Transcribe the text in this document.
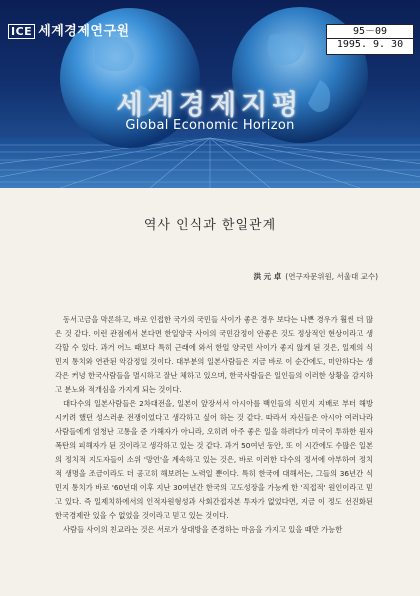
ICE 세계경제연구원	95－09
1995. 9. 30
세계경제지평
Global Economic Horizon
역사 인식과 한일관계
洪 元 卓 (연구자문위원, 서울대 교수)

동서고금을 막론하고, 바로 인접한 국가의 국민들 사이가 좋은 경우 보다는 나쁜 경우가 훨씬 더 많은 것 같다. 이런 관점에서 본다면 한일양국 사이의 국민감정이 안좋은 것도 정상적인 현상이라고 생각할 수 있다. 과거 어느 때보다 특히 근래에 와서 한일 양국민 사이가 좋지 않게 된 것은, 일제의 식민지 통치와 연관된 악감정일 것이다. 대부분의 일본사람들은 지금 바로 이 순간에도, 미안하다는 생각은 커녕 한국사람들을 멸시하고 잘난 체하고 있으며, 한국사람들은 일인들의 이러한 상황을 감지하고 분노와 적개심을 가지게 되는 것이다.

대다수의 일본사람들은 2차대전을, 일본이 앞장서서 아시아를 백인들의 식민지 지배로 부터 해방시키려 했던 성스러운 전쟁이었다고 생각하고 싶어 하는 것 같다. 따라서 자신들은 아시아 여러나라 사람들에게 엄청난 고통을 준 가해자가 아니라, 오히려 아주 좋은 일을 하려다가 미국이 투하한 원자폭탄의 피해자가 된 것이라고 생각하고 있는 것 같다. 과거 50여년 동안, 또 이 시간에도 수많은 일본의 정치적 지도자들이 소위 '망언'을 계속하고 있는 것은, 바로 이러한 다수의 정서에 아부하여 정치적 생명을 조금이라도 더 공고히 해보려는 노력일 뿐이다. 특히 한국에 대해서는, 그들의 36년간 식민지 통치가 바로 '60년대 이후 지난 30여년간 한국의 고도성장을 가능케 한 '직접적' 원인이라고 믿고 있다. 즉 일제치하에서의 인적자원형성과 사회간접자본 투자가 없었다면, 지금 이 정도 선진화된 한국경제란 있을 수 없었을 것이라고 믿고 있는 것이다.

사람들 사이의 친교라는 것은 서로가 상대방을 존경하는 마음을 가지고 있을 때만 가능한
